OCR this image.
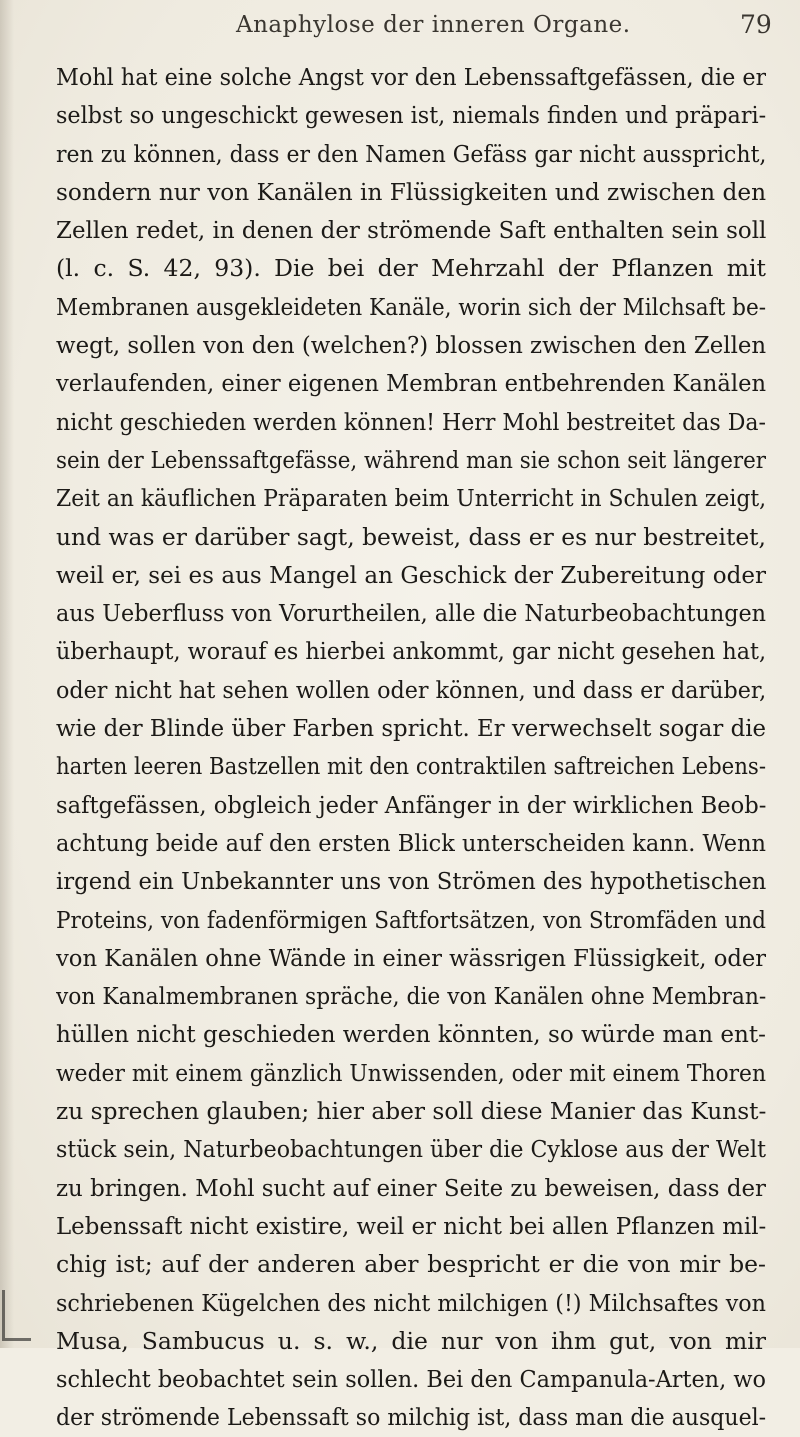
Anaphylose der inneren Organe.	79
Mohl hat eine solche Angst vor den Lebenssaftgefässen, die er
selbst so ungeschickt gewesen ist, niemals finden und präpari-
ren zu können, dass er den Namen Gefäss gar nicht ausspricht,
sondern nur von Kanälen in Flüssigkeiten und zwischen den
Zellen redet, in denen der strömende Saft enthalten sein soll
(l. c. S. 42, 93). Die bei der Mehrzahl der Pflanzen mit
Membranen ausgekleideten Kanäle, worin sich der Milchsaft be-
wegt, sollen von den (welchen?) blossen zwischen den Zellen
verlaufenden, einer eigenen Membran entbehrenden Kanälen
nicht geschieden werden können! Herr Mohl bestreitet das Da-
sein der Lebenssaftgefässe, während man sie schon seit längerer
Zeit an käuflichen Präparaten beim Unterricht in Schulen zeigt,
und was er darüber sagt, beweist, dass er es nur bestreitet,
weil er, sei es aus Mangel an Geschick der Zubereitung oder
aus Ueberfluss von Vorurtheilen, alle die Naturbeobachtungen
überhaupt, worauf es hierbei ankommt, gar nicht gesehen hat,
oder nicht hat sehen wollen oder können, und dass er darüber,
wie der Blinde über Farben spricht. Er verwechselt sogar die
harten leeren Bastzellen mit den contraktilen saftreichen Lebens-
saftgefässen, obgleich jeder Anfänger in der wirklichen Beob-
achtung beide auf den ersten Blick unterscheiden kann. Wenn
irgend ein Unbekannter uns von Strömen des hypothetischen
Proteins, von fadenförmigen Saftfortsätzen, von Stromfäden und
von Kanälen ohne Wände in einer wässrigen Flüssigkeit, oder
von Kanalmembranen spräche, die von Kanälen ohne Membran-
hüllen nicht geschieden werden könnten, so würde man ent-
weder mit einem gänzlich Unwissenden, oder mit einem Thoren
zu sprechen glauben; hier aber soll diese Manier das Kunst-
stück sein, Naturbeobachtungen über die Cyklose aus der Welt
zu bringen. Mohl sucht auf einer Seite zu beweisen, dass der
Lebenssaft nicht existire, weil er nicht bei allen Pflanzen mil-
chig ist; auf der anderen aber bespricht er die von mir be-
schriebenen Kügelchen des nicht milchigen (!) Milchsaftes von
Musa, Sambucus u. s. w., die nur von ihm gut, von mir
schlecht beobachtet sein sollen. Bei den Campanula-Arten, wo
der strömende Lebenssaft so milchig ist, dass man die ausquel-
